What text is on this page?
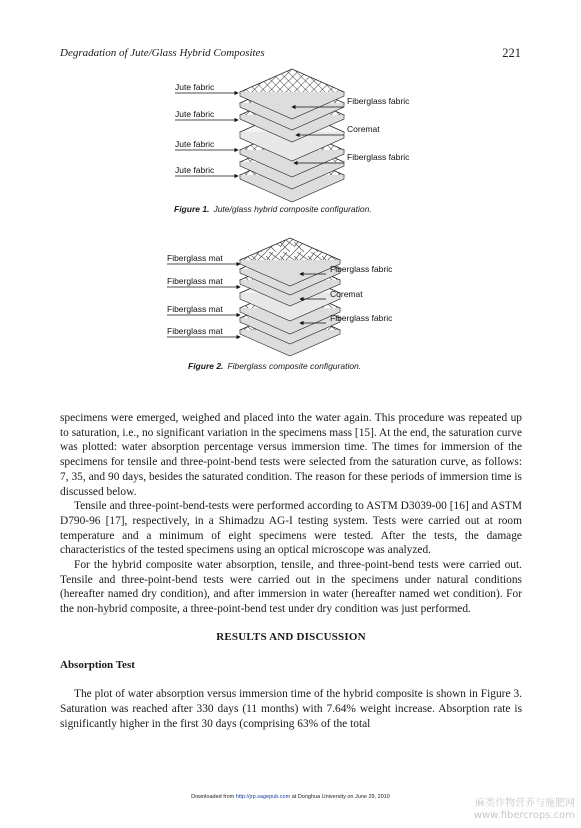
Degradation of Jute/Glass Hybrid Composites	221
Jute fabric
Jute fabric
Jute fabric
Jute fabric
Fiberglass fabric
Coremat
Fiberglass fabric
Figure 1. Jute/glass hybrid composite configuration.
Fiberglass mat
Fiberglass mat
Fiberglass mat
Fiberglass mat
Fiberglass fabric
Coremat
Fiberglass fabric
Figure 2. Fiberglass composite configuration.

specimens were emerged, weighed and placed into the water again. This procedure was repeated up to saturation, i.e., no significant variation in the specimens mass [15]. At the end, the saturation curve was plotted: water absorption percentage versus immersion time. The times for immersion of the specimens for tensile and three-point-bend tests were selected from the saturation curve, as follows: 7, 35, and 90 days, besides the saturated condition. The reason for these periods of immersion time is discussed below.

Tensile and three-point-bend-tests were performed according to ASTM D3039-00 [16] and ASTM D790-96 [17], respectively, in a Shimadzu AG-I testing system. Tests were carried out at room temperature and a minimum of eight specimens were tested. After the tests, the damage characteristics of the tested specimens using an optical microscope was analyzed.

For the hybrid composite water absorption, tensile, and three-point-bend tests were carried out. Tensile and three-point-bend tests were carried out in the specimens under natural conditions (hereafter named dry condition), and after immersion in water (hereafter named wet condition). For the non-hybrid composite, a three-point-bend test under dry condition was just performed.

RESULTS AND DISCUSSION
Absorption Test

The plot of water absorption versus immersion time of the hybrid composite is shown in Figure 3. Saturation was reached after 330 days (11 months) with 7.64% weight increase. Absorption rate is significantly higher in the first 30 days (comprising 63% of the total

Downloaded from http://jrp.sagepub.com at Donghua University on June 29, 2010
麻类作物营养与施肥网
www.fibercrops.com
